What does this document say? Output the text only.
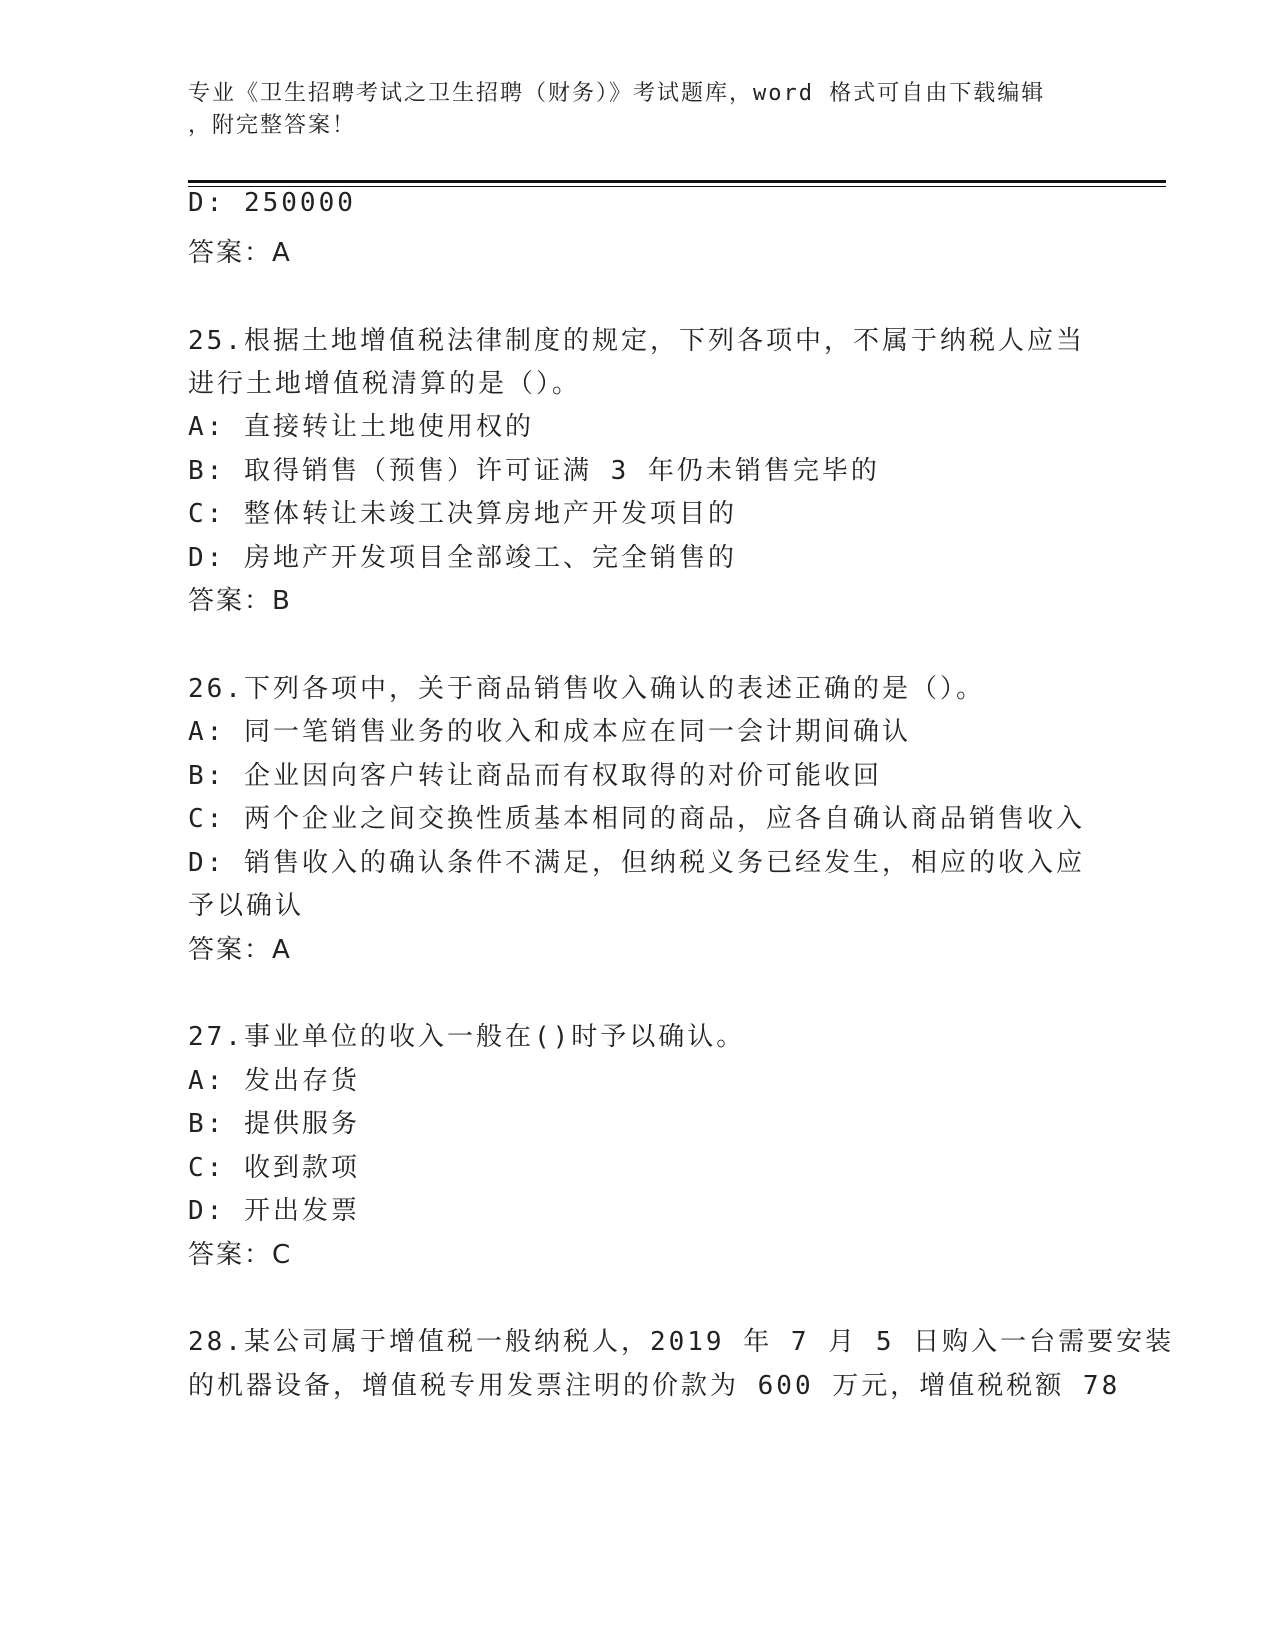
专业《卫生招聘考试之卫生招聘（财务）》考试题库，word 格式可自由下载编辑
，附完整答案！
D: 250000
答案：A
25.根据土地增值税法律制度的规定，下列各项中，不属于纳税人应当
进行土地增值税清算的是（）。
A: 直接转让土地使用权的
B: 取得销售（预售）许可证满 3 年仍未销售完毕的
C: 整体转让未竣工决算房地产开发项目的
D: 房地产开发项目全部竣工、完全销售的
答案：B
26.下列各项中，关于商品销售收入确认的表述正确的是（）。
A: 同一笔销售业务的收入和成本应在同一会计期间确认
B: 企业因向客户转让商品而有权取得的对价可能收回
C: 两个企业之间交换性质基本相同的商品，应各自确认商品销售收入
D: 销售收入的确认条件不满足，但纳税义务已经发生，相应的收入应
予以确认
答案：A
27.事业单位的收入一般在()时予以确认。
A: 发出存货
B: 提供服务
C: 收到款项
D: 开出发票
答案：C
28.某公司属于增值税一般纳税人，2019 年 7 月 5 日购入一台需要安装
的机器设备，增值税专用发票注明的价款为 600 万元，增值税税额 78
